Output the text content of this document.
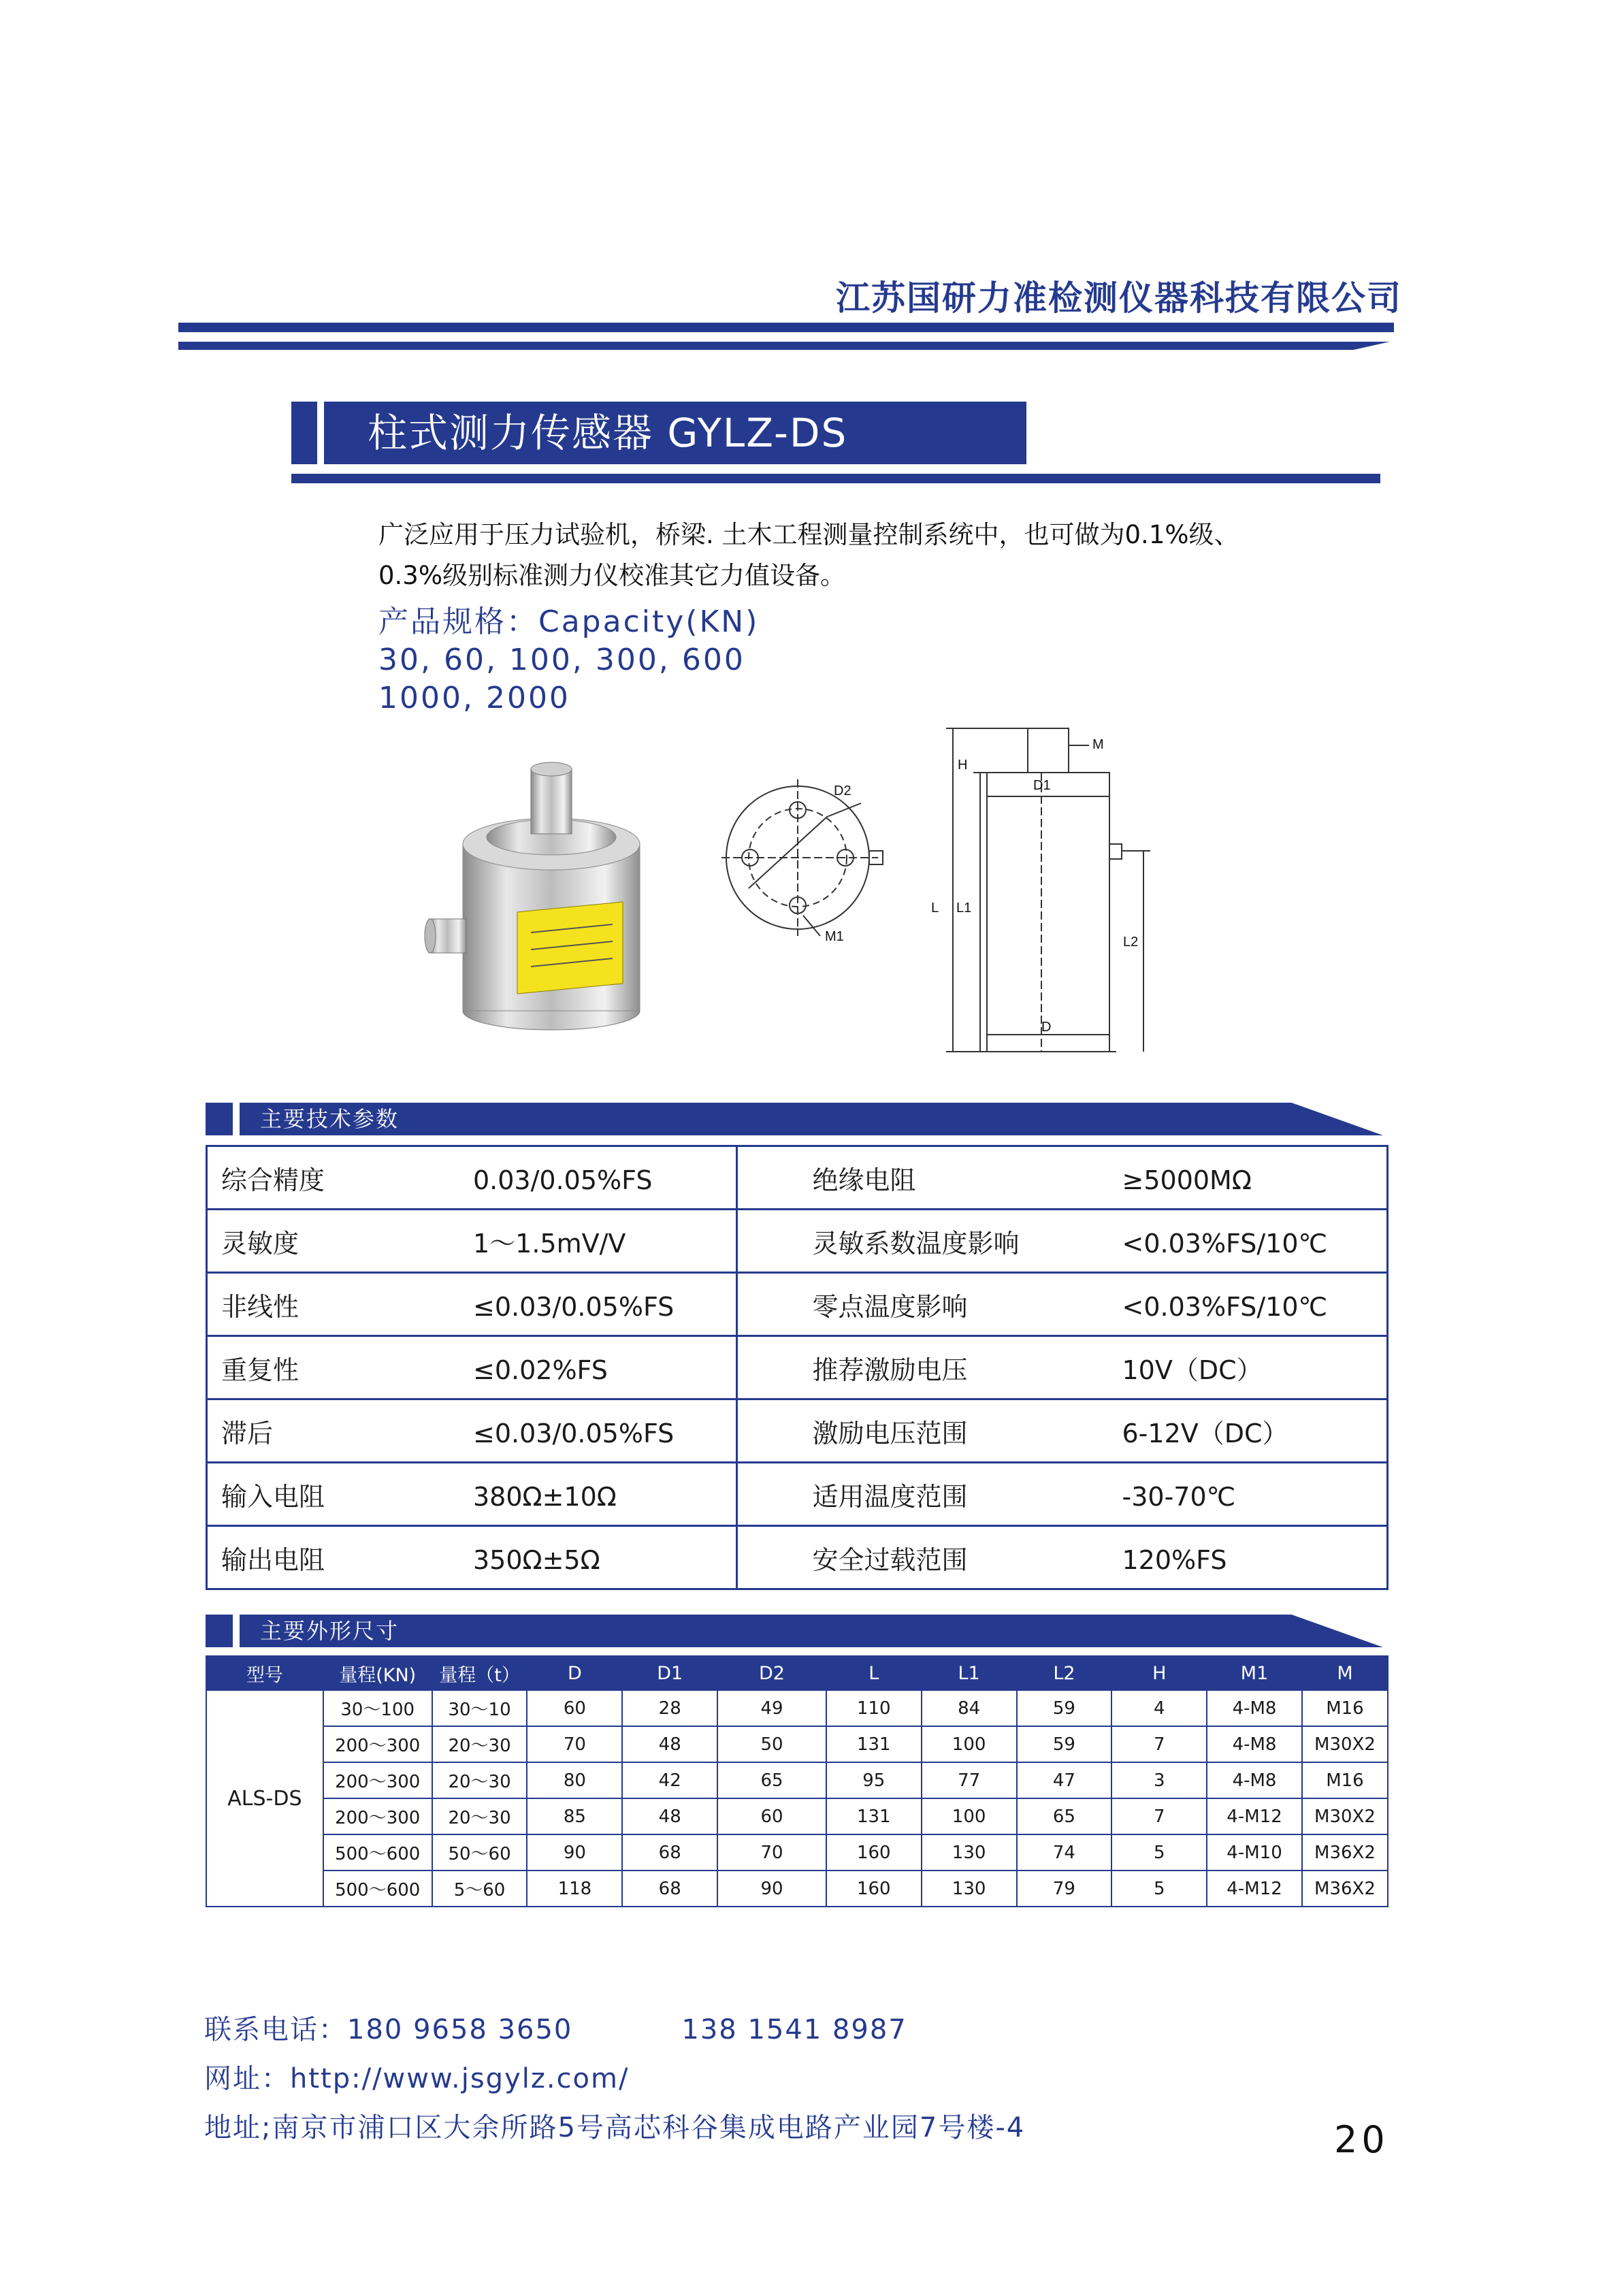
江苏国研力准检测仪器科技有限公司
柱式测力传感器 GYLZ-DS
广泛应用于压力试验机，桥梁. 土木工程测量控制系统中，也可做为0.1%级、
0.3%级别标准测力仪校准其它力值设备。
产品规格：Capacity(KN)
30, 60, 100, 300, 600
1000, 2000
D2
M1
M
H
D1
L L1
L2
D
主要技术参数
综合精度 0.03/0.05%FS	绝缘电阻 ≥5000MΩ
灵敏度 1～1.5mV/V	灵敏系数温度影响 <0.03%FS/10℃
非线性 ≤0.03/0.05%FS	零点温度影响 <0.03%FS/10℃
重复性 ≤0.02%FS	推荐激励电压 10V（DC）
滞后 ≤0.03/0.05%FS	激励电压范围 6-12V（DC）
输入电阻 380Ω±10Ω	适用温度范围 -30-70℃
输出电阻 350Ω±5Ω	安全过载范围 120%FS
主要外形尺寸
型号	量程(KN)	量程（t）	D	D1	D2	L	L1	L2	H	M1	M
ALS-DS	30～100	30～10	60	28	49	110	84	59	4	4-M8	M16
	200～300	20～30	70	48	50	131	100	59	7	4-M8	M30X2
	200～300	20～30	80	42	65	95	77	47	3	4-M8	M16
	200～300	20～30	85	48	60	131	100	65	7	4-M12	M30X2
	500～600	50～60	90	68	70	160	130	74	5	4-M10	M36X2
	500～600	5～60	118	68	90	160	130	79	5	4-M12	M36X2
联系电话：180 9658 3650	138 1541 8987
网址：http://www.jsgylz.com/
地址;南京市浦口区大余所路5号高芯科谷集成电路产业园7号楼-4	20
